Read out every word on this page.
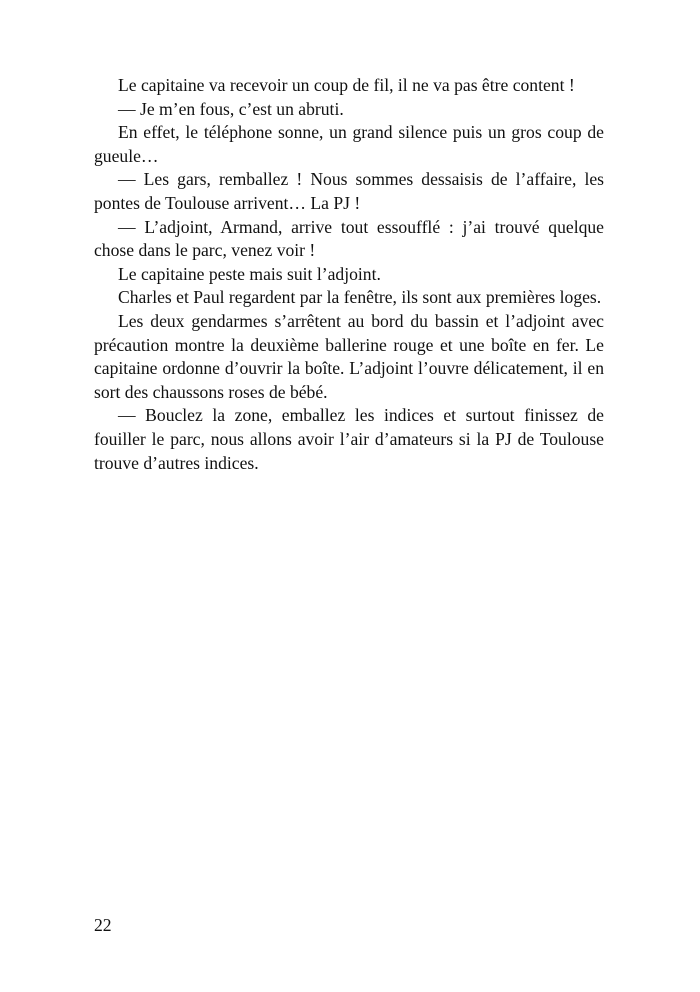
Le capitaine va recevoir un coup de fil, il ne va pas être content !

— Je m’en fous, c’est un abruti.

En effet, le téléphone sonne, un grand silence puis un gros coup de gueule…

— Les gars, remballez ! Nous sommes dessaisis de l’affaire, les pontes de Toulouse arrivent… La PJ !

— L’adjoint, Armand, arrive tout essoufflé : j’ai trouvé quelque chose dans le parc, venez voir !

Le capitaine peste mais suit l’adjoint.

Charles et Paul regardent par la fenêtre, ils sont aux premières loges.

Les deux gendarmes s’arrêtent au bord du bassin et l’adjoint avec précaution montre la deuxième ballerine rouge et une boîte en fer. Le capitaine ordonne d’ouvrir la boîte. L’adjoint l’ouvre délicatement, il en sort des chaussons roses de bébé.

— Bouclez la zone, emballez les indices et surtout finissez de fouiller le parc, nous allons avoir l’air d’amateurs si la PJ de Toulouse trouve d’autres indices.

22
